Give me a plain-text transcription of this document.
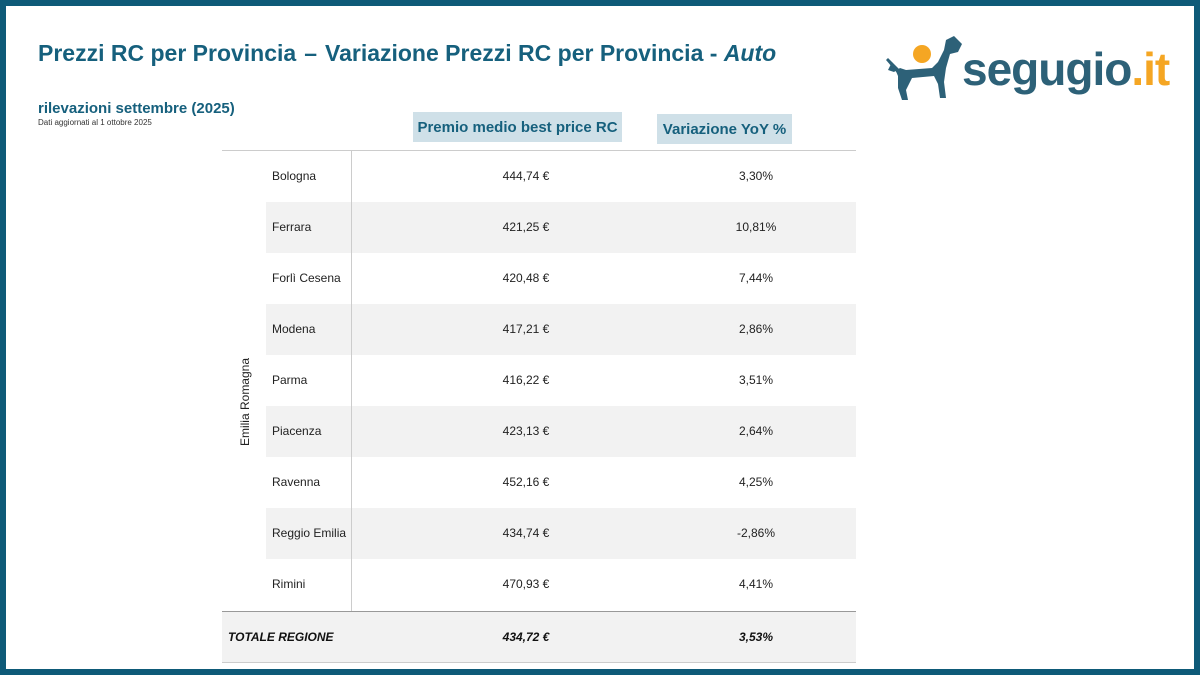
Prezzi RC per Provincia – Variazione Prezzi RC per Provincia - Auto
rilevazioni settembre (2025)
Dati aggiornati al 1 ottobre 2025
segugio.it
Premio medio best price RC	Variazione YoY %
Emilia Romagna
Bologna	444,74 €	3,30%
Ferrara	421,25 €	10,81%
Forlì Cesena	420,48 €	7,44%
Modena	417,21 €	2,86%
Parma	416,22 €	3,51%
Piacenza	423,13 €	2,64%
Ravenna	452,16 €	4,25%
Reggio Emilia	434,74 €	-2,86%
Rimini	470,93 €	4,41%
TOTALE REGIONE	434,72 €	3,53%
